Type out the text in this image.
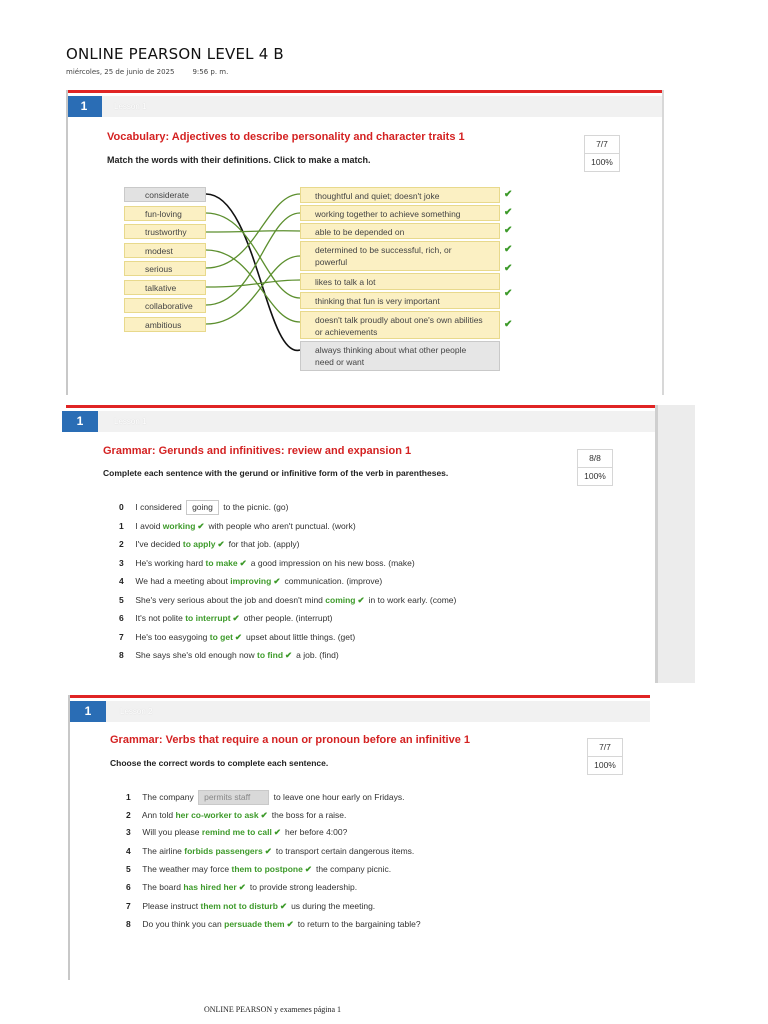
ONLINE PEARSON LEVEL 4 B
miércoles, 25 de junio de 2025	9:56 p. m.
1	Lesson 1
Vocabulary: Adjectives to describe personality and character traits 1
Match the words with their definitions. Click to make a match.
7/7
100%
considerate
fun-loving
trustworthy
modest
serious
talkative
collaborative
ambitious
thoughtful and quiet; doesn't joke
working together to achieve something
able to be depended on
determined to be successful, rich, or powerful
likes to talk a lot
thinking that fun is very important
doesn't talk proudly about one's own abilities or achievements
always thinking about what other people need or want
✔
✔
✔
✔
✔
✔
✔
1	Lesson 1
Grammar: Gerunds and infinitives: review and expansion 1
Complete each sentence with the gerund or infinitive form of the verb in parentheses.
8/8
100%
0 I considered going to the picnic. (go)
1 I avoid working ✔ with people who aren't punctual. (work)
2 I've decided to apply ✔ for that job. (apply)
3 He's working hard to make ✔ a good impression on his new boss. (make)
4 We had a meeting about improving ✔ communication. (improve)
5 She's very serious about the job and doesn't mind coming ✔ in to work early. (come)
6 It's not polite to interrupt ✔ other people. (interrupt)
7 He's too easygoing to get ✔ upset about little things. (get)
8 She says she's old enough now to find ✔ a job. (find)
1	Lesson 2
Grammar: Verbs that require a noun or pronoun before an infinitive 1
Choose the correct words to complete each sentence.
7/7
100%
1 The company permits staff	to leave one hour early on Fridays.
2 Ann told her co-worker to ask ✔ the boss for a raise.
3 Will you please remind me to call ✔ her before 4:00?
4 The airline forbids passengers ✔ to transport certain dangerous items.
5 The weather may force them to postpone ✔ the company picnic.
6 The board has hired her ✔ to provide strong leadership.
7 Please instruct them not to disturb ✔ us during the meeting.
8 Do you think you can persuade them ✔ to return to the bargaining table?
ONLINE PEARSON y examenes página 1
